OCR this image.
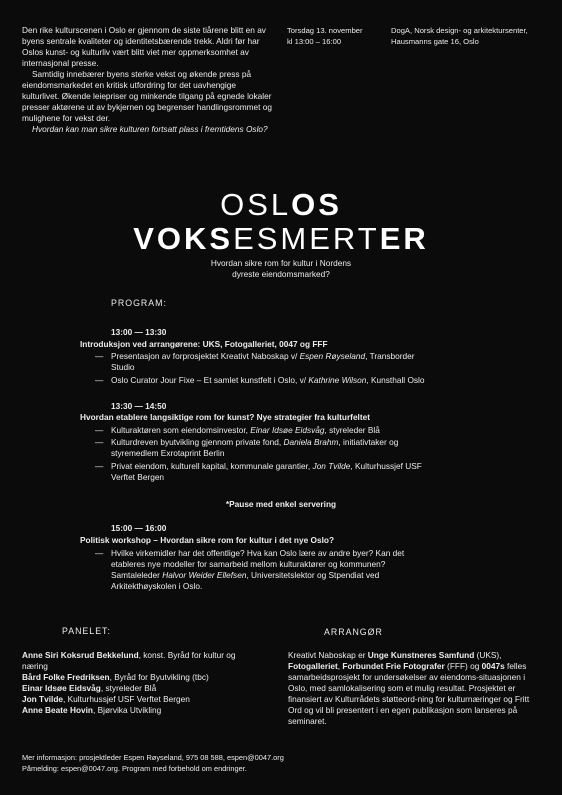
Den rike kulturscenen i Oslo er gjennom de siste tiårene blitt en av byens sentrale kvaliteter og identitetsbærende trekk. Aldri før har Oslos kunst- og kulturliv vært blitt viet mer oppmerksomhet av internasjonal presse.

Samtidig innebærer byens sterke vekst og økende press på eiendomsmarkedet en kritisk utfordring for det uavhengige kulturlivet. Økende leiepriser og minkende tilgang på egnede lokaler presser aktørene ut av bykjernen og begrenser handlingsrommet og mulighene for vekst der.

Hvordan kan man sikre kulturen fortsatt plass i fremtidens Oslo?

Torsdag 13. november
kl 13:00 – 16:00
DogA, Norsk design- og arkitektursenter,
Hausmanns gate 16, Oslo
OSLOS
VOKSESMERTER
Hvordan sikre rom for kultur i Nordens
dyreste eiendomsmarked?
PROGRAM:
13:00 — 13:30
Introduksjon ved arrangørene: UKS, Fotogalleriet, 0047 og FFF
— Presentasjon av forprosjektet Kreativt Naboskap v/ Espen Røyseland, Transborder
Studio
— Oslo Curator Jour Fixe – Et samlet kunstfelt i Oslo, v/ Kathrine Wilson, Kunsthall Oslo
13:30 — 14:50
Hvordan etablere langsiktige rom for kunst? Nye strategier fra kulturfeltet
— Kulturaktøren som eiendomsinvestor, Einar Idsøe Eidsvåg, styreleder Blå
— Kulturdreven byutvikling gjennom private fond, Daniela Brahm, initiativtaker og
styremedlem Exrotaprint Berlin
— Privat eiendom, kulturell kapital, kommunale garantier, Jon Tvilde, Kulturhussjef USF
Verftet Bergen
*Pause med enkel servering
15:00 — 16:00
Politisk workshop – Hvordan sikre rom for kultur i det nye Oslo?
— Hvilke virkemidler har det offentlige? Hva kan Oslo lære av andre byer? Kan det
etableres nye modeller for samarbeid mellom kulturaktører og kommunen?
Samtaleleder Halvor Weider Ellefsen, Universitetslektor og Stpendiat ved
Arkitekthøyskolen i Oslo.
PANELET:	ARRANGØR
Anne Siri Koksrud Bekkelund, konst. Byråd for kultur og
næring
Bård Folke Fredriksen, Byråd for Byutvikling (tbc)
Einar Idsøe Eidsvåg, styreleder Blå
Jon Tvilde, Kulturhussjef USF Verftet Bergen
Anne Beate Hovin, Bjørvika Utvikling
Kreativt Naboskap er Unge Kunstneres Samfund (UKS), Fotogalleriet, Forbundet Frie Fotografer (FFF) og 0047s felles samarbeidsprosjekt for undersøkelser av eiendoms-situasjonen i Oslo, med samlokalisering som et mulig resultat. Prosjektet er finansiert av Kulturrådets støtteord-ning for kulturnæringer og Fritt Ord og vil bli presentert i en egen publikasjon som lanseres på seminaret.
Mer informasjon: prosjektleder Espen Røyseland, 975 08 588, espen@0047.org
Påmelding: espen@0047.org. Program med forbehold om endringer.
